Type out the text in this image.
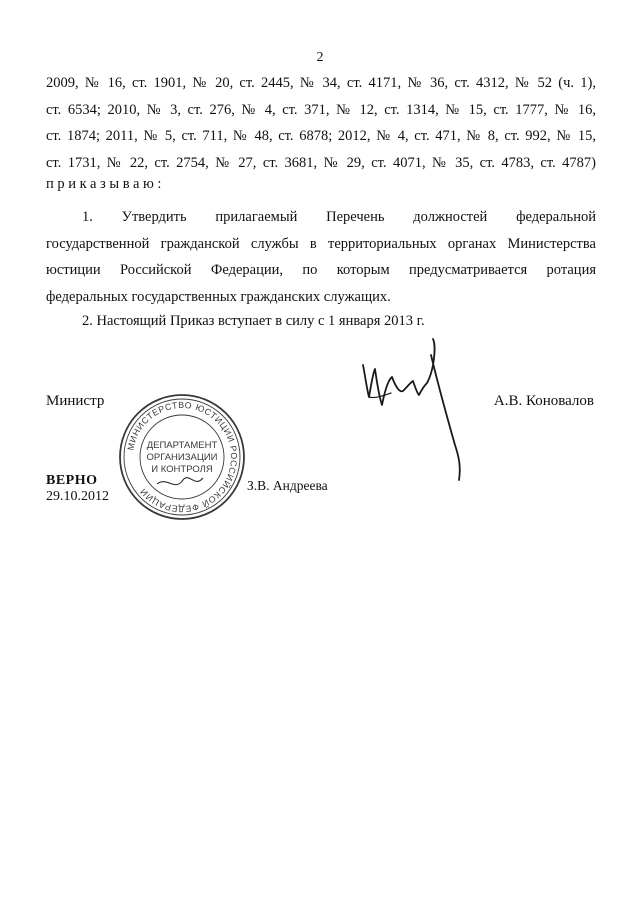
2
2009, № 16, ст. 1901, № 20, ст. 2445, № 34, ст. 4171, № 36, ст. 4312, № 52 (ч. 1),
ст. 6534; 2010, № 3, ст. 276, № 4, ст. 371, № 12, ст. 1314, № 15, ст. 1777, № 16,
ст. 1874; 2011, № 5, ст. 711, № 48, ст. 6878; 2012, № 4, ст. 471, № 8, ст. 992, № 15,
ст. 1731, № 22, ст. 2754, № 27, ст. 3681, № 29, ст. 4071, № 35, ст. 4783, ст. 4787)
приказываю:
1. Утвердить прилагаемый Перечень должностей федеральной
государственной гражданской службы в территориальных органах Министерства
юстиции Российской Федерации, по которым предусматривается ротация
федеральных государственных гражданских служащих.
2. Настоящий Приказ вступает в силу с 1 января 2013 г.
Министр	А.В. Коновалов
МИНИСТЕРСТВО ЮСТИЦИИ РОССИЙСКОЙ ФЕДЕРАЦИИ
ДЕПАРТАМЕНТ
ОРГАНИЗАЦИИ
И КОНТРОЛЯ
ВЕРНО
29.10.2012
З.В. Андреева
